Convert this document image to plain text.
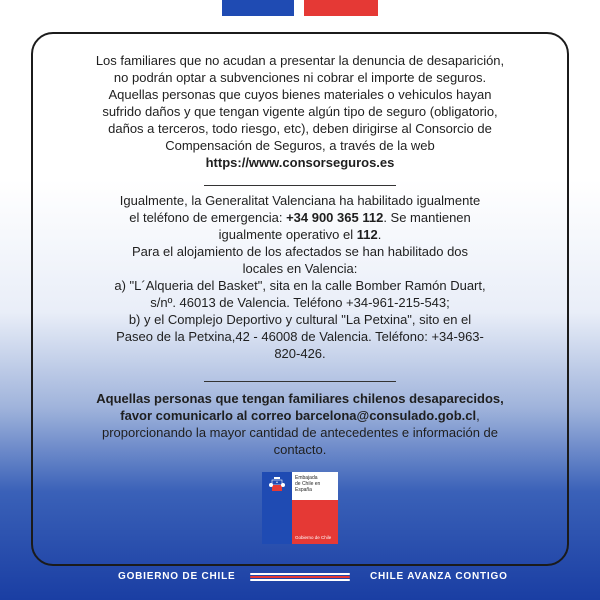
Los familiares que no acudan a presentar la denuncia de desaparición,
no podrán optar a subvenciones ni cobrar el importe de seguros.
Aquellas personas que cuyos bienes materiales o vehiculos hayan
sufrido daños y que tengan vigente algún tipo de seguro (obligatorio,
daños a terceros, todo riesgo, etc), deben dirigirse al Consorcio de
Compensación de Seguros, a través de la web
https://www.consorseguros.es
Igualmente, la Generalitat Valenciana ha habilitado igualmente
el teléfono de emergencia: +34 900 365 112. Se mantienen
igualmente operativo el 112.
Para el alojamiento de los afectados se han habilitado dos
locales en Valencia:
a) "L´Alqueria del Basket", sita en la calle Bomber Ramón Duart,
s/nº. 46013 de Valencia. Teléfono +34-961-215-543;
b) y el Complejo Deportivo y cultural "La Petxina", sito en el
Paseo de la Petxina,42 - 46008 de Valencia. Teléfono: +34-963-
820-426.
Aquellas personas que tengan familiares chilenos desaparecidos,
favor comunicarlo al correo barcelona@consulado.gob.cl,
proporcionando la mayor cantidad de antecedentes e información de
contacto.
Embajada
de Chile en
España
Gobierno de Chile
GOBIERNO DE CHILE	CHILE AVANZA CONTIGO
